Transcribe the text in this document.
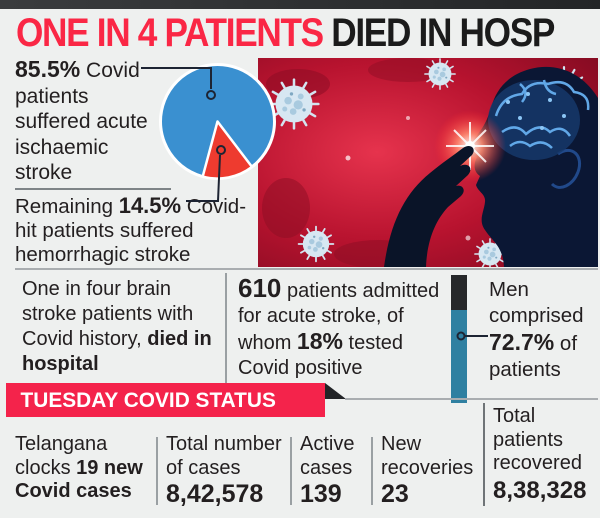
ONE IN 4 PATIENTS DIED IN HOSP
85.5% Covid patients suffered acute ischaemic stroke
Remaining 14.5% Covid-hit patients suffered hemorrhagic stroke
One in four brain stroke patients with Covid history, died in hospital
610 patients admitted for acute stroke, of whom 18% tested Covid positive
Men comprised 72.7% of patients
TUESDAY COVID STATUS
Telangana clocks 19 new Covid cases
Total number of cases
8,42,578
Active cases
139
New recoveries
23
Total patients recovered
8,38,328
